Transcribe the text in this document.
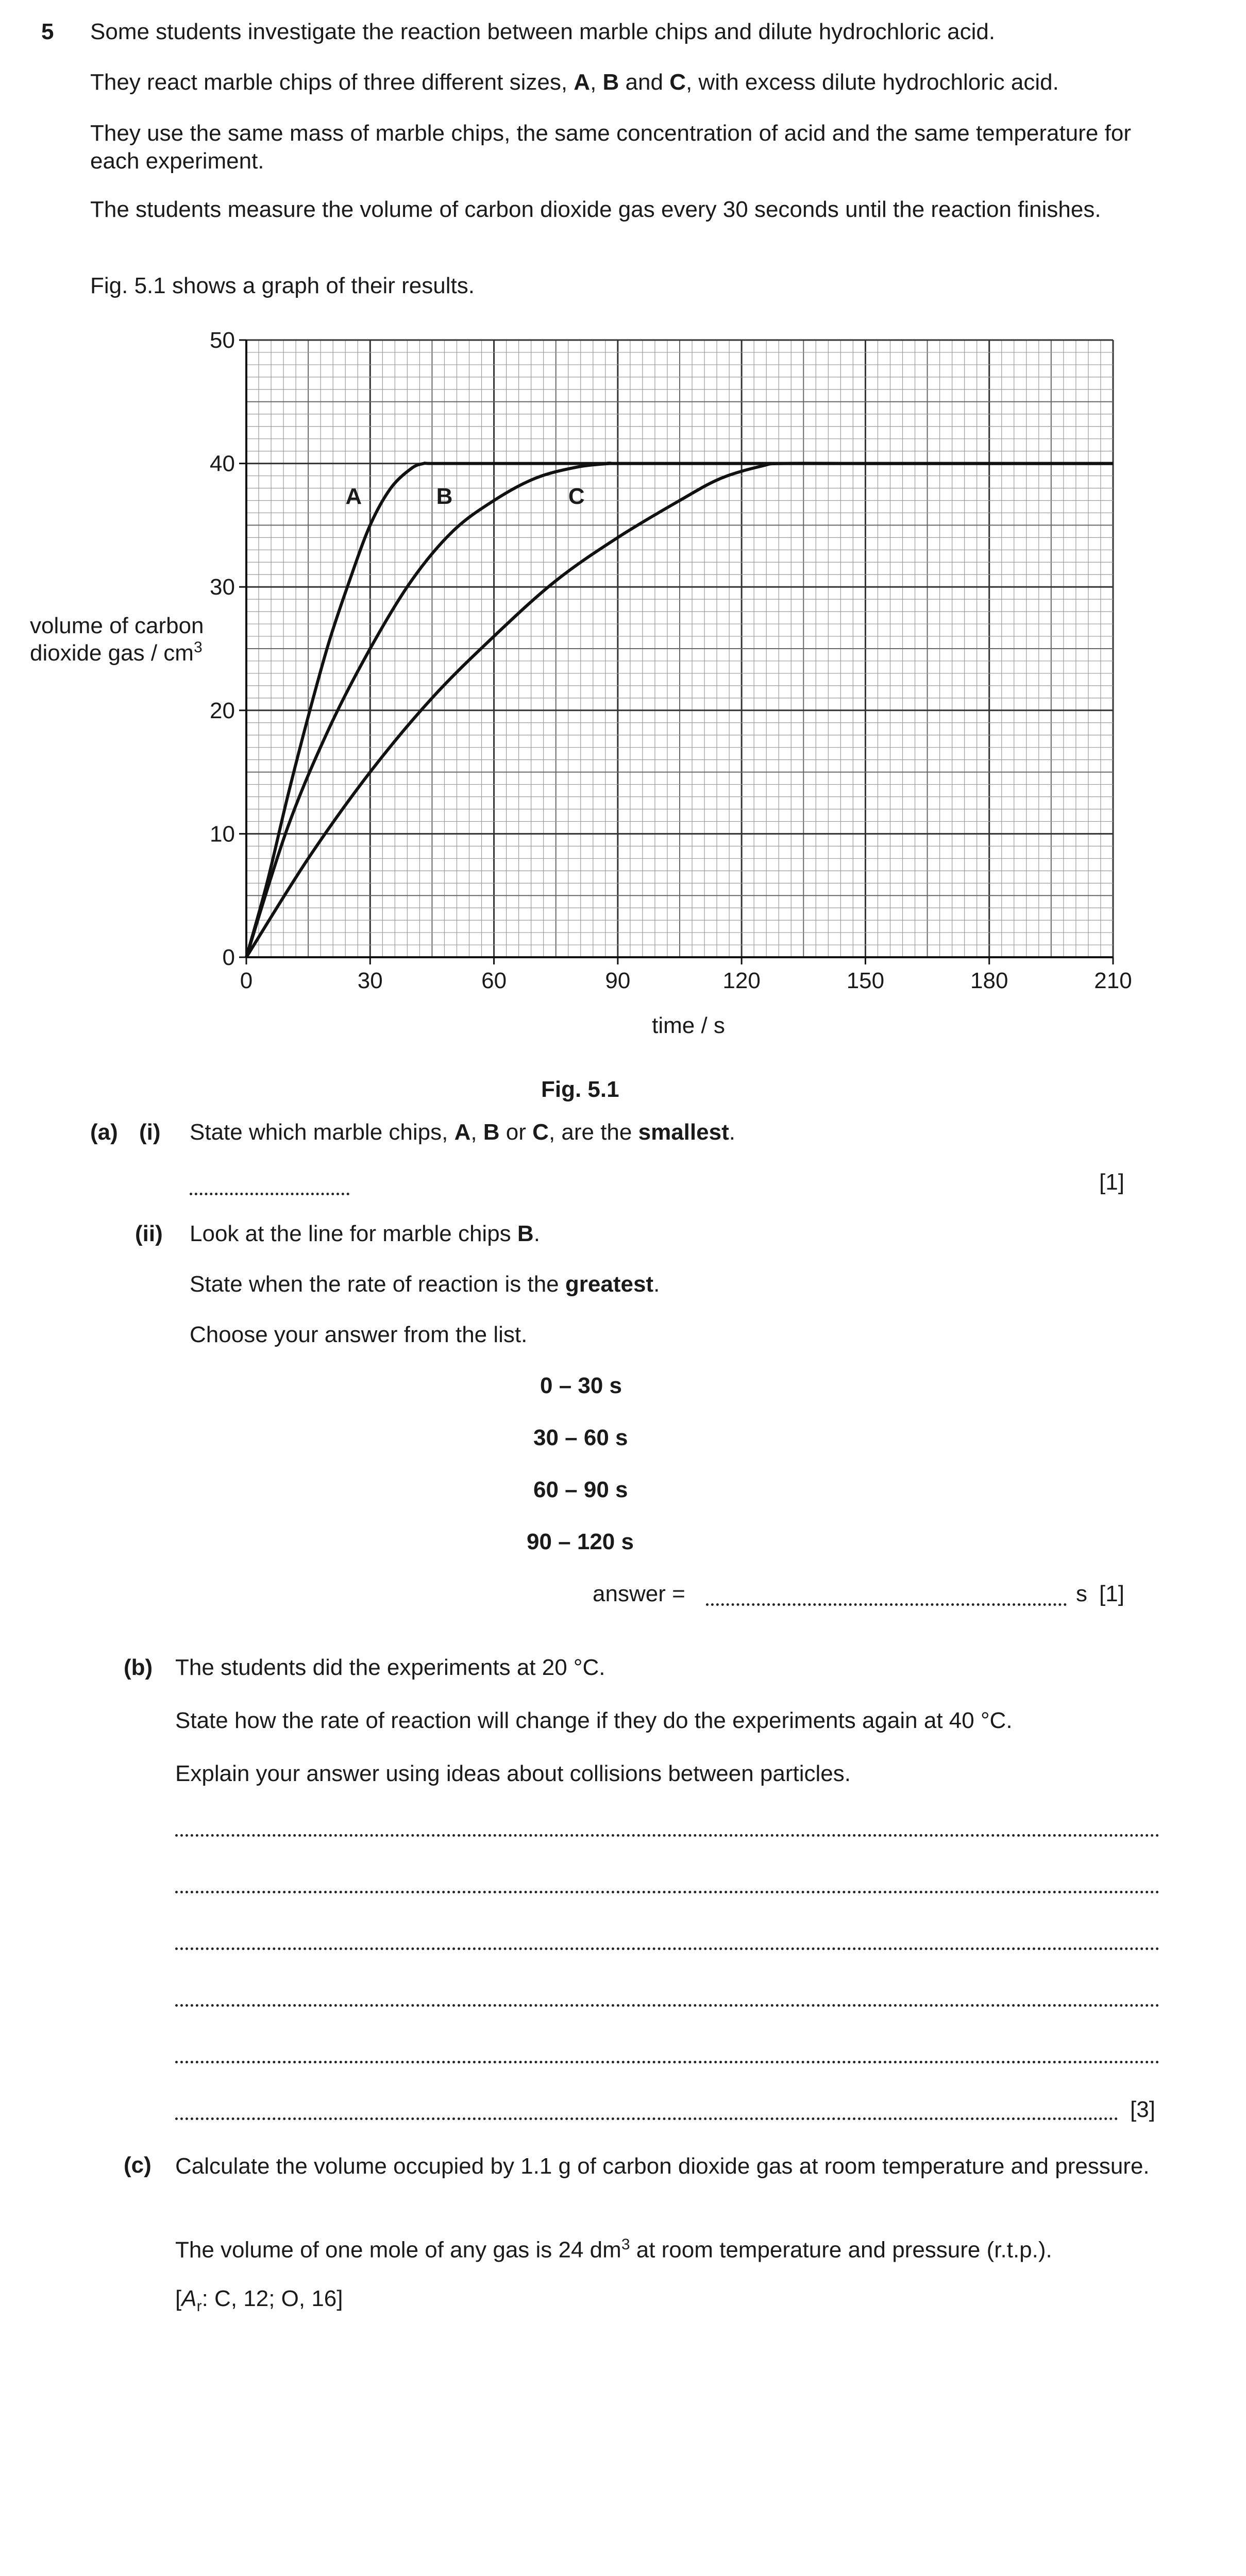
5 Some students investigate the reaction between marble chips and dilute hydrochloric acid.
They react marble chips of three different sizes, A, B and C, with excess dilute hydrochloric acid.
They use the same mass of marble chips, the same concentration of acid and the same temperature for each experiment.
The students measure the volume of carbon dioxide gas every 30 seconds until the reaction finishes.
Fig. 5.1 shows a graph of their results.
0	30	60	90	120	150	180	210
0
10
20
30
40
50
A	B	C
volume of carbon
dioxide gas / $cm^3$
time / s
Fig. 5.1
(a) (i) State which marble chips, A, B or C, are the smallest.
[1]
(ii) Look at the line for marble chips B.
State when the rate of reaction is the greatest.
Choose your answer from the list.
0 – 30 s
30 – 60 s
60 – 90 s
90 – 120 s
answer =	s [1]
(b) The students did the experiments at 20 °C.
State how the rate of reaction will change if they do the experiments again at 40 °C.
Explain your answer using ideas about collisions between particles.
[3]
(c) Calculate the volume occupied by 1.1 g of carbon dioxide gas at room temperature and pressure.
The volume of one mole of any gas is 24 $dm^3$ at room temperature and pressure (r.t.p.).
[$A_r$: C, 12; O, 16]
